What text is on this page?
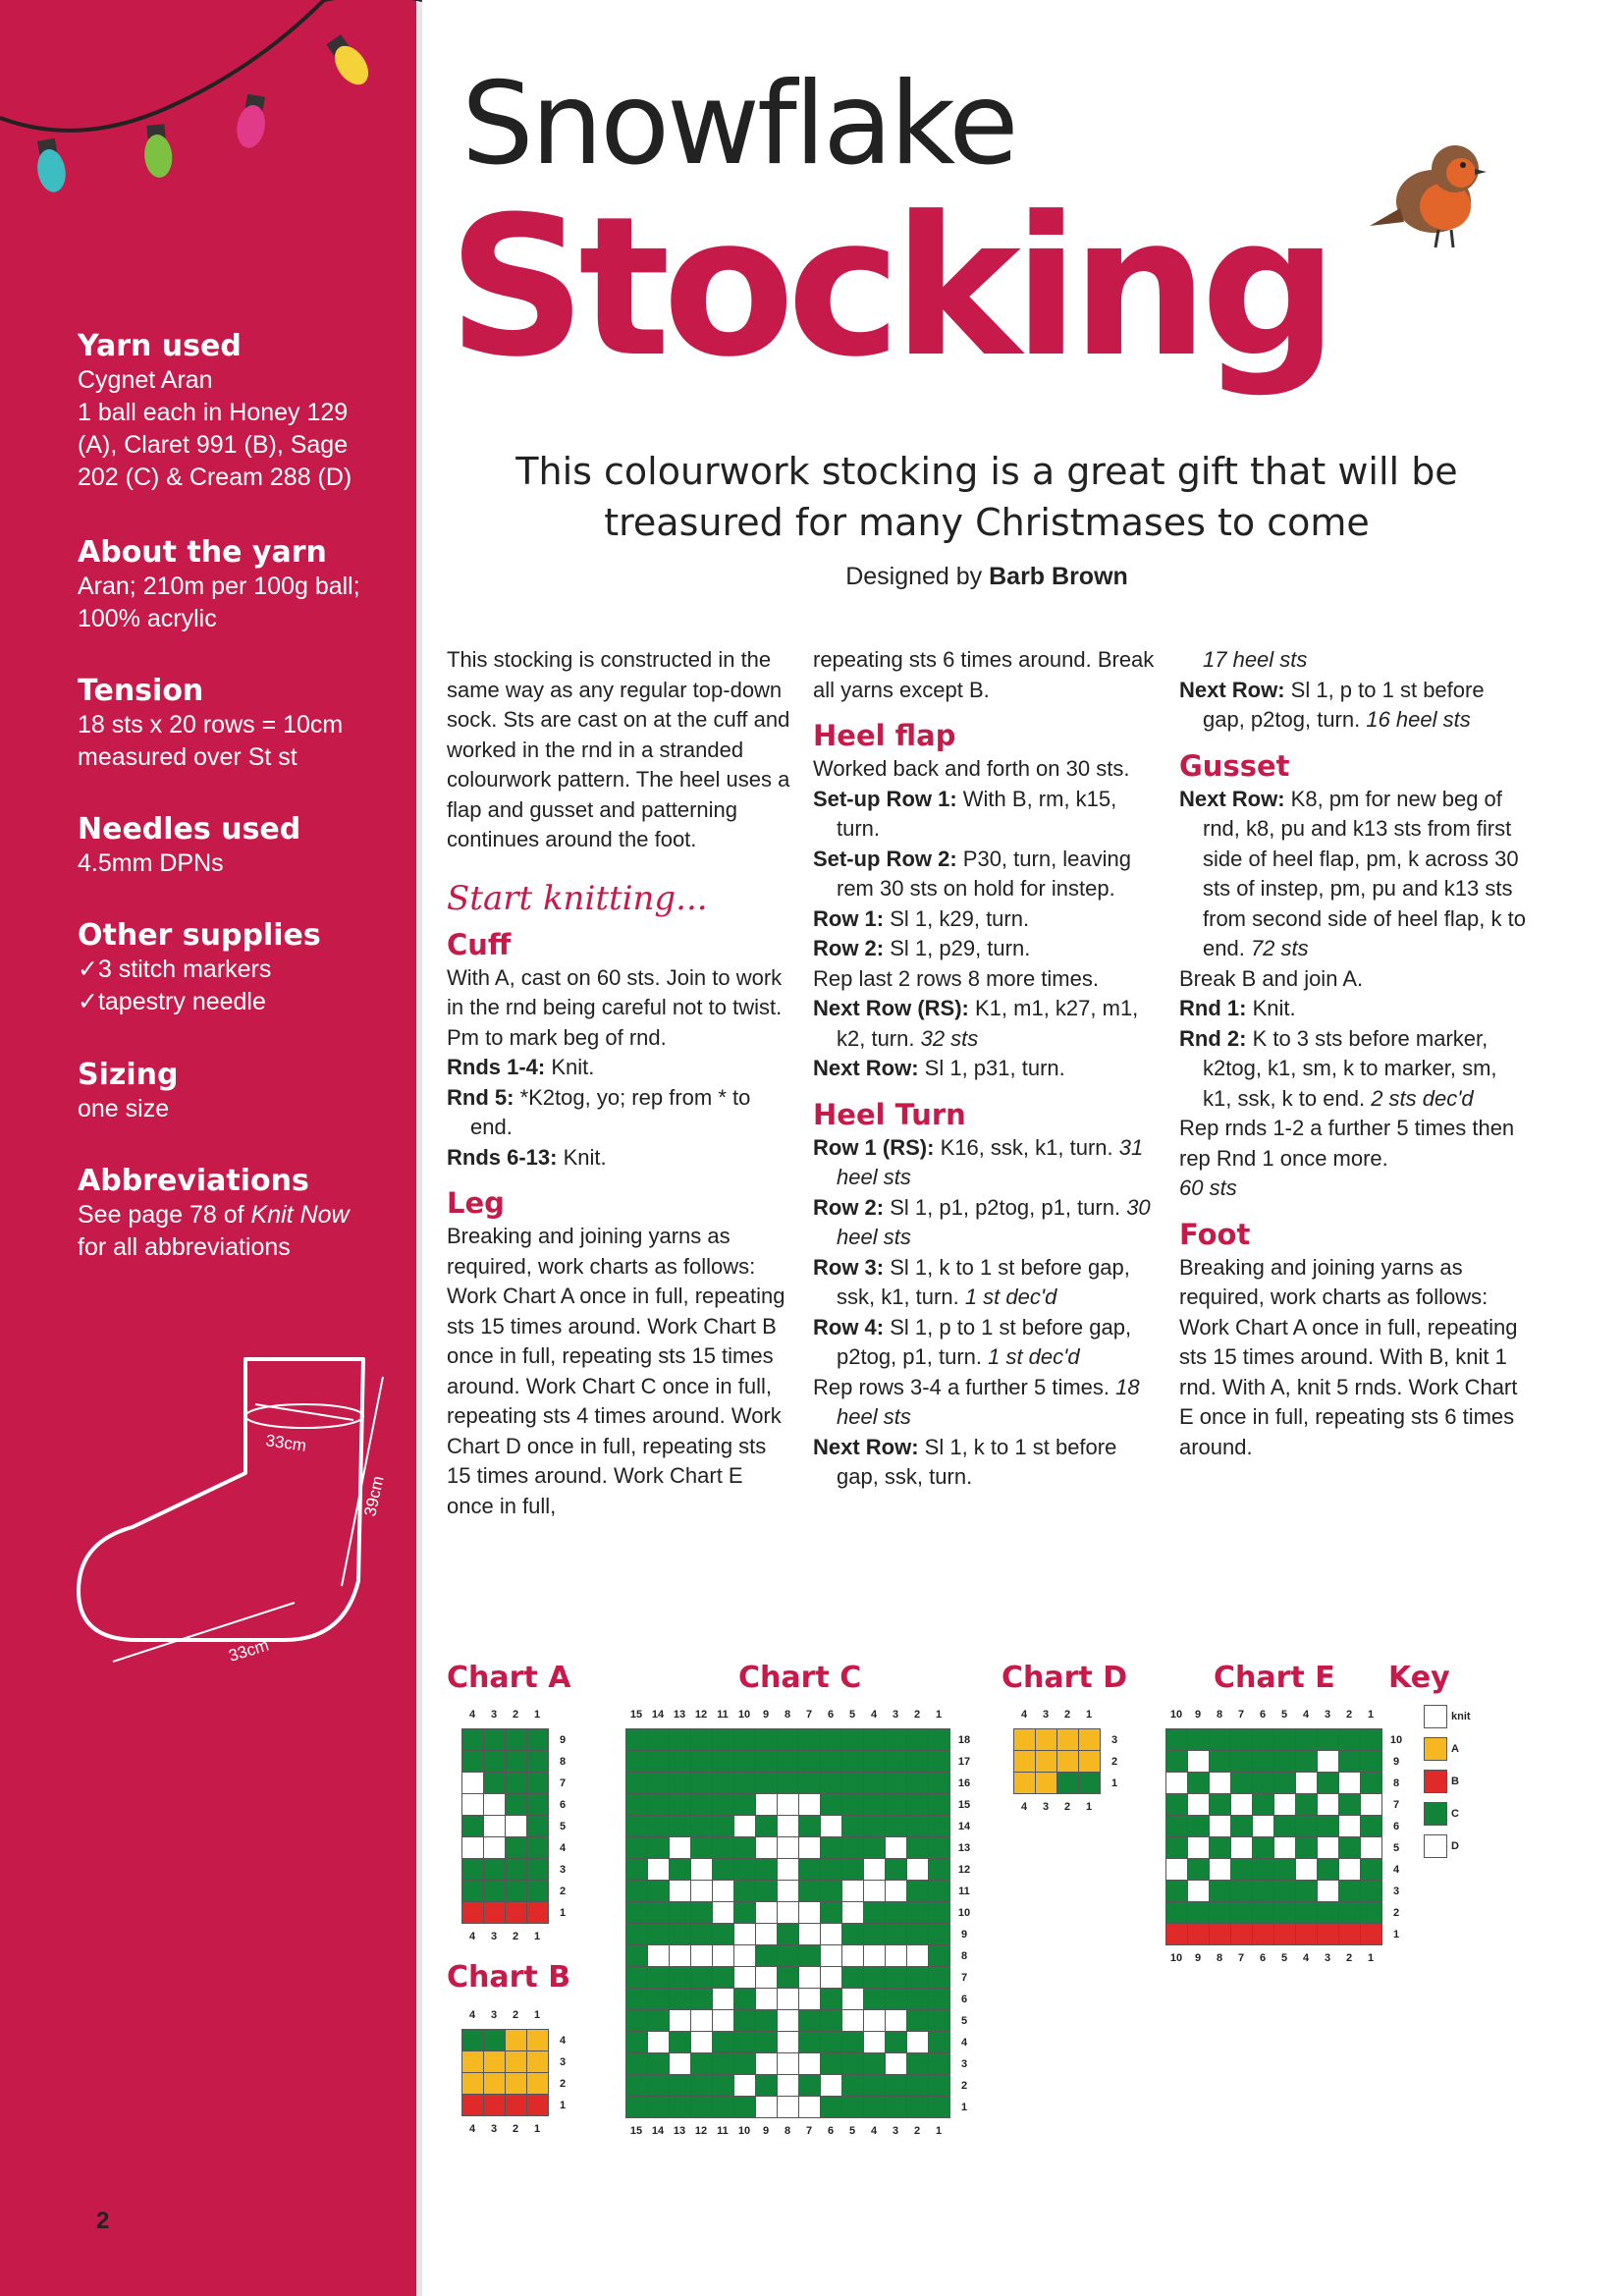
Yarn used

Cygnet Aran

1 ball each in Honey 129

(A), Claret 991 (B), Sage

202 (C) & Cream 288 (D)

About the yarn

Aran; 210m per 100g ball;

100% acrylic

Tension

18 sts x 20 rows = 10cm

measured over St st

Needles used

4.5mm DPNs

Other supplies

✓3 stitch markers

✓tapestry needle

Sizing

one size

Abbreviations

See page 78 of Knit Now

for all abbreviations

33cm
39cm
33cm
2
Snowflake
Stocking
This colourwork stocking is a great gift that will be treasured for many Christmases to come
Designed by Barb Brown

This stocking is constructed in the same way as any regular top-down sock. Sts are cast on at the cuff and worked in the rnd in a stranded colourwork pattern. The heel uses a flap and gusset and patterning continues around the foot.

Start knitting...

Cuff

With A, cast on 60 sts. Join to work in the rnd being careful not to twist. Pm to mark beg of rnd.

Rnds 1-4: Knit.

Rnd 5: *K2tog, yo; rep from * to end.

Rnds 6-13: Knit.

Leg

Breaking and joining yarns as required, work charts as follows: Work Chart A once in full, repeating sts 15 times around. Work Chart B once in full, repeating sts 15 times around. Work Chart C once in full, repeating sts 4 times around. Work Chart D once in full, repeating sts 15 times around. Work Chart E once in full,

repeating sts 6 times around. Break all yarns except B.

Heel flap

Worked back and forth on 30 sts.

Set-up Row 1: With B, rm, k15, turn.

Set-up Row 2: P30, turn, leaving rem 30 sts on hold for instep.

Row 1: Sl 1, k29, turn.

Row 2: Sl 1, p29, turn.

Rep last 2 rows 8 more times.

Next Row (RS): K1, m1, k27, m1, k2, turn. 32 sts

Next Row: Sl 1, p31, turn.

Heel Turn

Row 1 (RS): K16, ssk, k1, turn. 31 heel sts

Row 2: Sl 1, p1, p2tog, p1, turn. 30 heel sts

Row 3: Sl 1, k to 1 st before gap, ssk, k1, turn. 1 st dec'd

Row 4: Sl 1, p to 1 st before gap, p2tog, p1, turn. 1 st dec'd

Rep rows 3-4 a further 5 times. 18 heel sts

Next Row: Sl 1, k to 1 st before gap, ssk, turn.

17 heel sts

Next Row: Sl 1, p to 1 st before gap, p2tog, turn. 16 heel sts

Gusset

Next Row: K8, pm for new beg of rnd, k8, pu and k13 sts from first side of heel flap, pm, k across 30 sts of instep, pm, pu and k13 sts from second side of heel flap, k to end. 72 sts

Break B and join A.

Rnd 1: Knit.

Rnd 2: K to 3 sts before marker, k2tog, k1, sm, k to marker, sm, k1, ssk, k to end. 2 sts dec'd

Rep rnds 1-2 a further 5 times then rep Rnd 1 once more.

60 sts

Foot

Breaking and joining yarns as required, work charts as follows: Work Chart A once in full, repeating sts 15 times around. With B, knit 1 rnd. With A, knit 5 rnds. Work Chart E once in full, repeating sts 6 times around.

Chart A
Chart B
Chart C	Chart D	Chart E Key
4
4
3
3
2
2
1
1
9
8
7
6
5
4
3
2
1
4
4
3
3
2
2
1
1
4
3
2
1
15
15
14
14
13
13
12
12
11
11
10
10
9
9
8
8
7
7
6
6
5
5
4
4
3
3
2
2
1
1
18
17
16
15
14
13
12
11
10
9
8
7
6
5
4
3
2
1
4
4
3
3
2
2
1
1
3
2
1
10
10
9
9
8
8
7
7
6
6
5
5
4
4
3
3
2
2
1
1
10
9
8
7
6
5
4
3
2
1
knit
A
B
C
D
